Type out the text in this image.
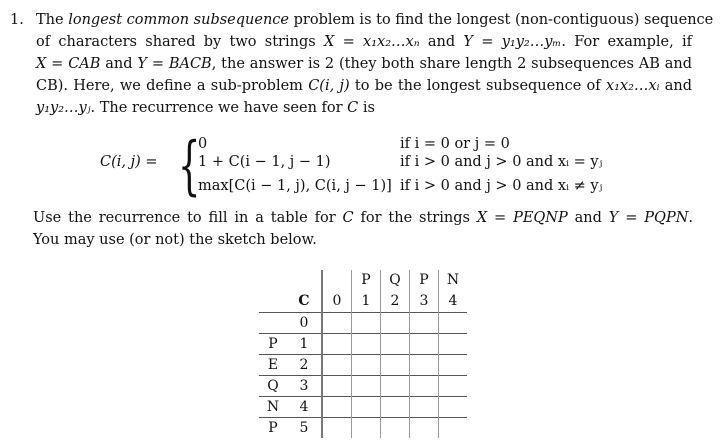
1. The longest common subsequence problem is to find the longest (non-contiguous) sequence
of characters shared by two strings X = x₁x₂…xₙ and Y = y₁y₂…yₘ. For example, if
X = CAB and Y = BACB, the answer is 2 (they both share length 2 subsequences AB and
CB). Here, we define a sub-problem C(i, j) to be the longest subsequence of x₁x₂…xᵢ and
y₁y₂…yⱼ. The recurrence we have seen for C is
C(i, j) = {
0	if i = 0 or j = 0
1 + C(i − 1, j − 1)	if i > 0 and j > 0 and xᵢ = yⱼ
max[C(i − 1, j), C(i, j − 1)] if i > 0 and j > 0 and xᵢ ≠ yⱼ
Use the recurrence to fill in a table for C for the strings X = PEQNP and Y = PQPN.
You may use (or not) the sketch below.
			P	Q	P	N
	C	0	1	2	3	4
	0					
P	1					
E	2					
Q	3					
N	4					
P	5					
